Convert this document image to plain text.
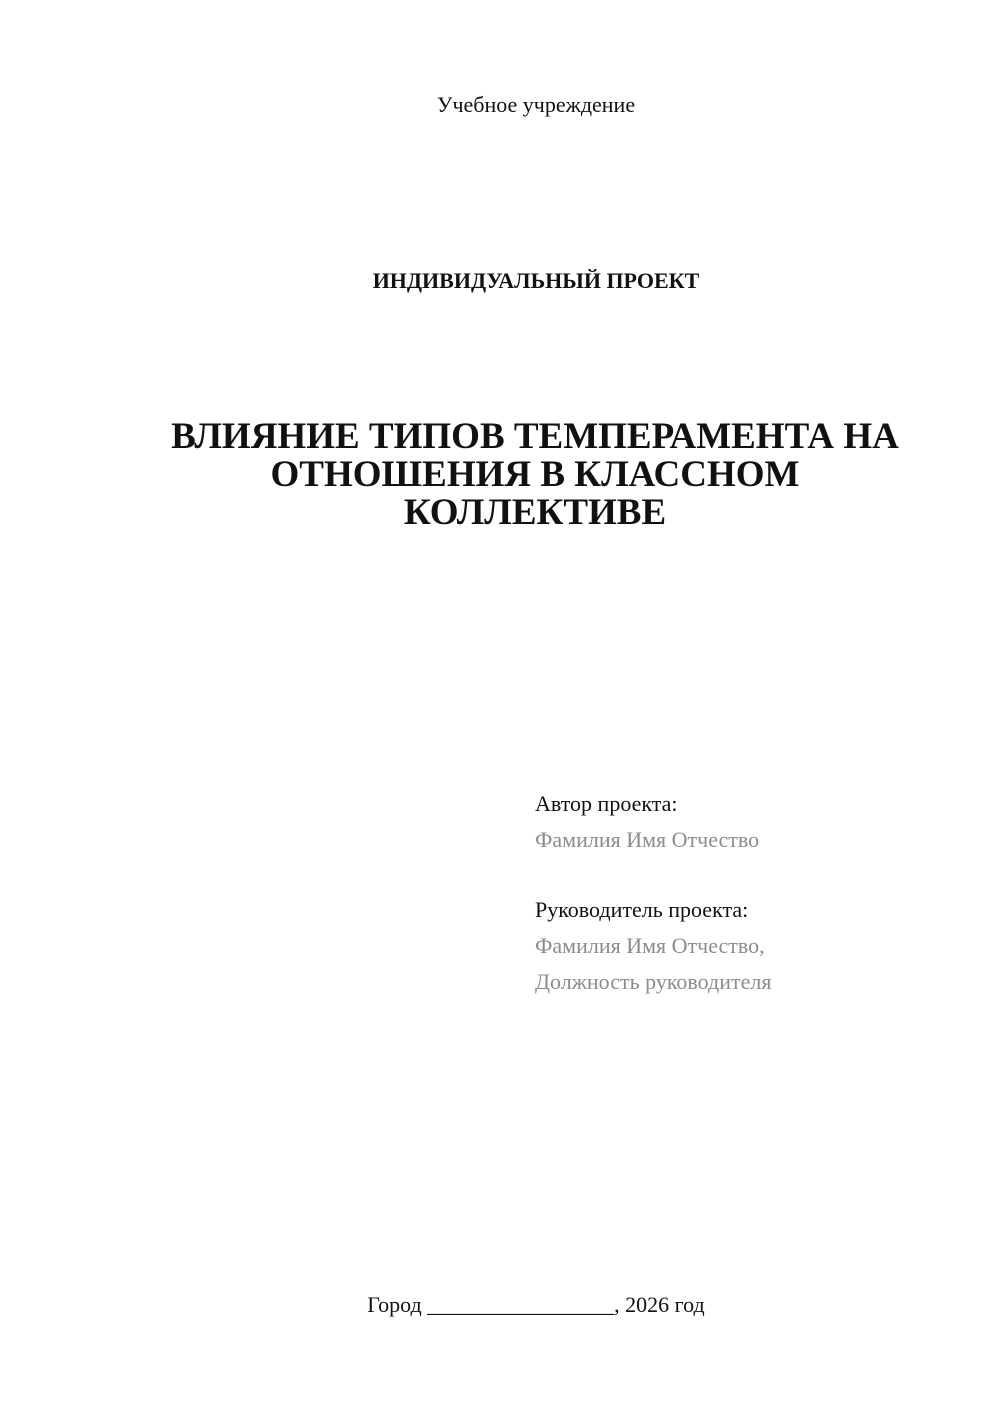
Учебное учреждение
ИНДИВИДУАЛЬНЫЙ ПРОЕКТ
ВЛИЯНИЕ ТИПОВ ТЕМПЕРАМЕНТА НА
ОТНОШЕНИЯ В КЛАССНОМ
КОЛЛЕКТИВЕ
Автор проекта:
Фамилия Имя Отчество
Руководитель проекта:
Фамилия Имя Отчество,
Должность руководителя
Город _________________, 2026 год
